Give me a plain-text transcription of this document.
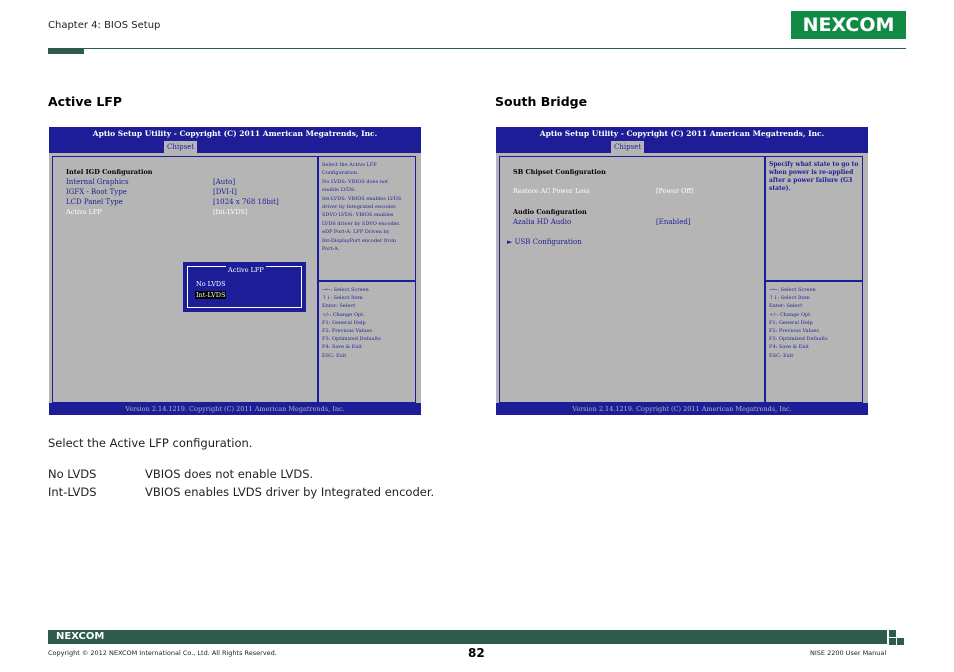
Chapter 4: BIOS Setup	NEXCOM
Active LFP
Aptio Setup Utility - Copyright (C) 2011 American Megatrends, Inc.
Chipset
Intel IGD Configuration
Internal Graphics	[Auto]
IGFX - Boot Type	[DVI-I]
LCD Panel Type	[1024 x 768 18bit]
Active LFP	[Int-LVDS]
Active LFP
No LVDS
Int-LVDS
Select the Active LFP
Configuration.
No LVDS: VBIOS does not
enable LVDS.
Int-LVDS: VBIOS enables LVDS
driver by Integrated encoder.
SDVO LVDS: VBIOS enables
LVDS driver by SDVO encoder.
eDP Port-A: LFP Driven by
Int-DisplayPort encoder from
Port-A.
→←: Select Screen
↑↓: Select Item
Enter: Select
+/-: Change Opt.
F1: General Help
F2: Previous Values
F3: Optimized Defaults
F4: Save & Exit
ESC: Exit
Version 2.14.1219. Copyright (C) 2011 American Megatrends, Inc.
South Bridge
Aptio Setup Utility - Copyright (C) 2011 American Megatrends, Inc.
Chipset
SB Chipset Configuration
Restore AC Power Loss	[Power Off]
Audio Configuration
Azalia HD Audio	[Enabled]
► USB Configuration
Specify what state to go to
when power is re-applied
after a power failure (G3
state).
→←: Select Screen
↑↓: Select Item
Enter: Select
+/-: Change Opt.
F1: General Help
F2: Previous Values
F3: Optimized Defaults
F4: Save & Exit
ESC: Exit
Version 2.14.1219. Copyright (C) 2011 American Megatrends, Inc.
Select the Active LFP configuration.
No LVDS	VBIOS does not enable LVDS.
Int-LVDS	VBIOS enables LVDS driver by Integrated encoder.
NEXCOM
Copyright © 2012 NEXCOM International Co., Ltd. All Rights Reserved.	82	NISE 2200 User Manual
